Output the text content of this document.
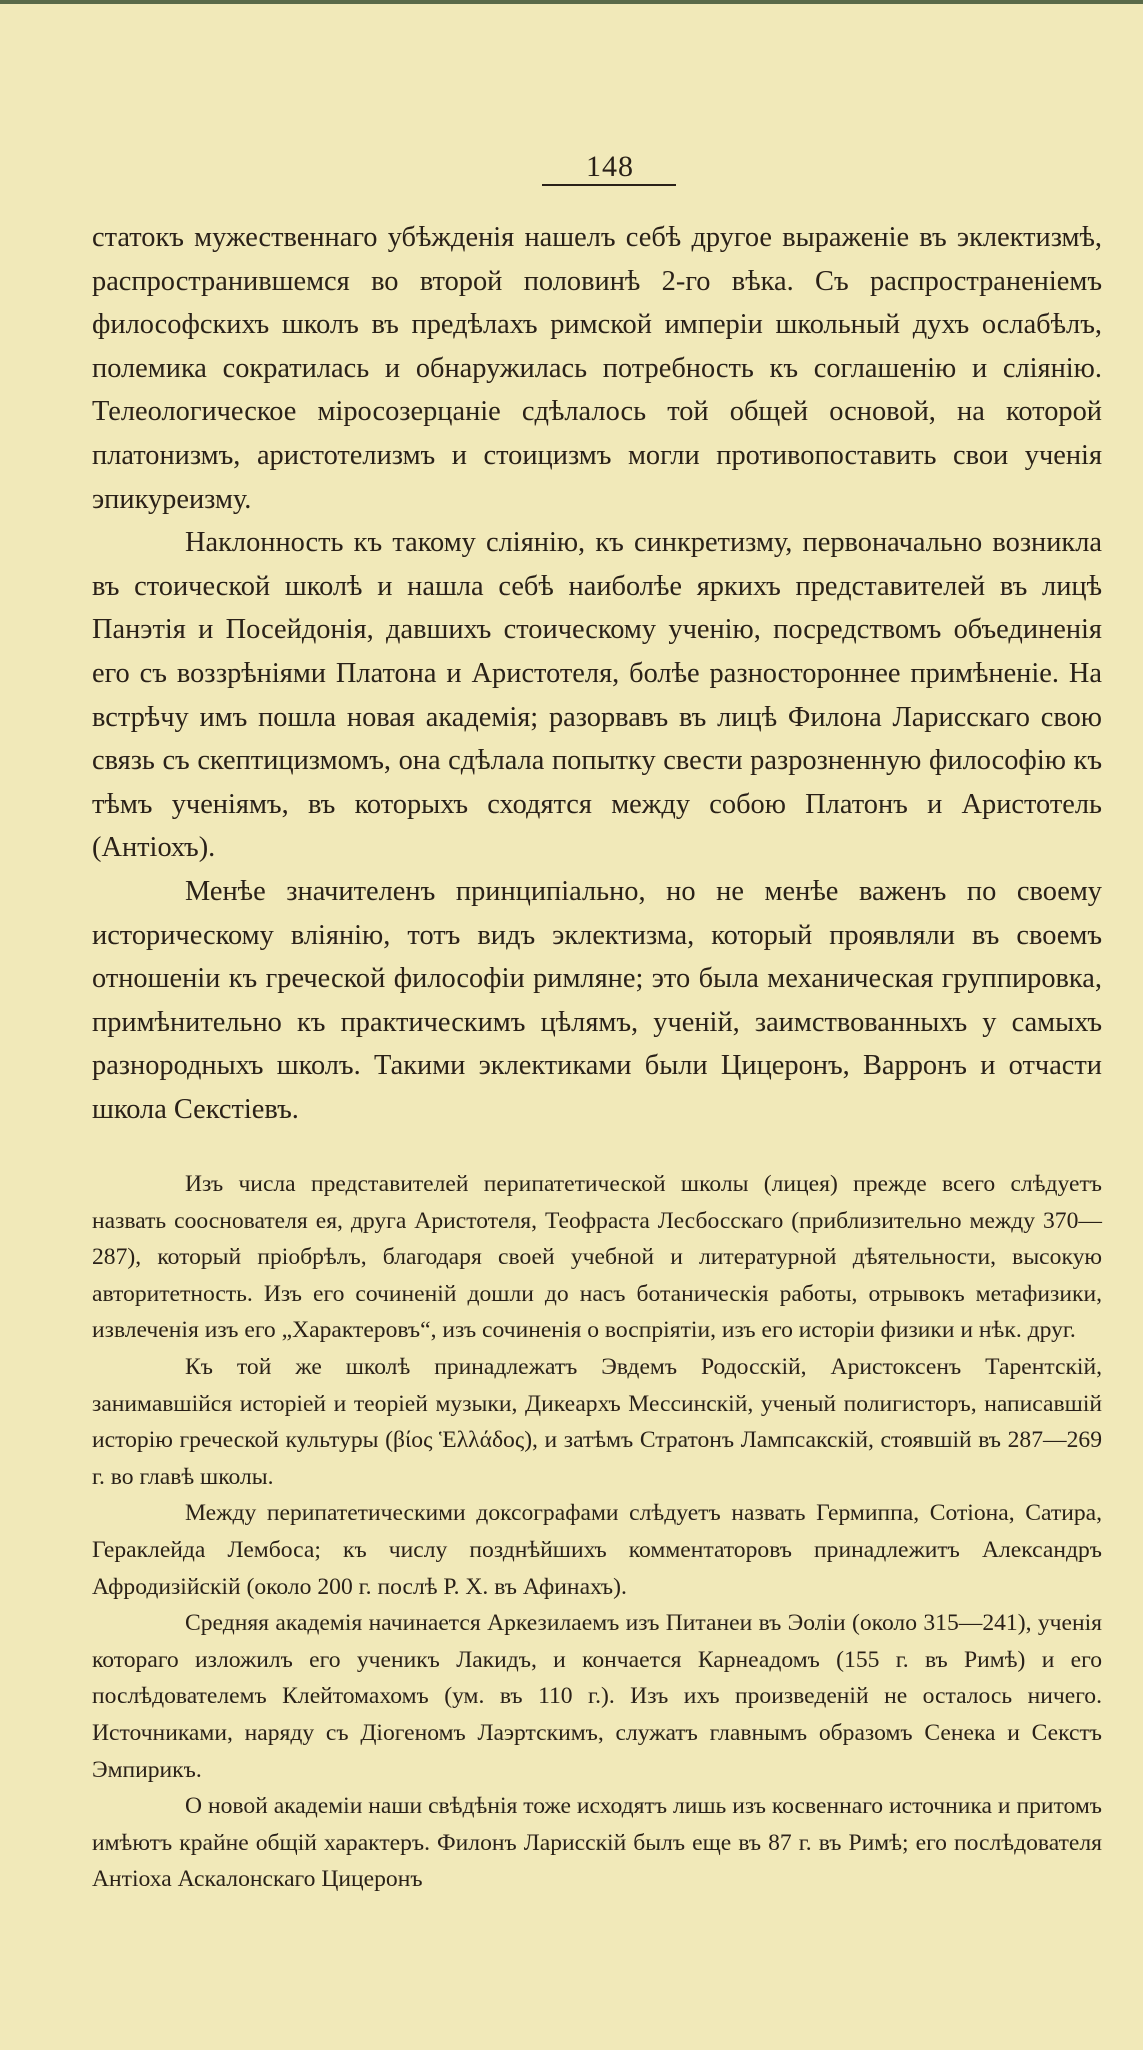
148

статокъ мужественнаго убѣжденія нашелъ себѣ другое выраженіе въ эклектизмѣ, распространившемся во второй половинѣ 2-го вѣка. Съ распространеніемъ философскихъ школъ въ предѣлахъ римской имперіи школьный духъ ослабѣлъ, полемика сократилась и обнаружилась потребность къ соглашенію и сліянію. Телеологическое міросозерцаніе сдѣлалось той общей основой, на которой платонизмъ, аристотелизмъ и стоицизмъ могли противопоставить свои ученія эпикуреизму.

Наклонность къ такому сліянію, къ синкретизму, первоначально возникла въ стоической школѣ и нашла себѣ наиболѣе яркихъ представителей въ лицѣ Панэтія и Посейдонія, давшихъ стоическому ученію, посредствомъ объединенія его съ воззрѣніями Платона и Аристотеля, болѣе разностороннее примѣненіе. На встрѣчу имъ пошла новая академія; разорвавъ въ лицѣ Филона Ларисскаго свою связь съ скептицизмомъ, она сдѣлала попытку свести разрозненную философію къ тѣмъ ученіямъ, въ которыхъ сходятся между собою Платонъ и Аристотель (Антіохъ).

Менѣе значителенъ принципіально, но не менѣе важенъ по своему историческому вліянію, тотъ видъ эклектизма, который проявляли въ своемъ отношеніи къ греческой философіи римляне; это была механическая группировка, примѣнительно къ практическимъ цѣлямъ, ученій, заимствованныхъ у самыхъ разнородныхъ школъ. Такими эклектиками были Цицеронъ, Варронъ и отчасти школа Секстіевъ.

Изъ числа представителей перипатетической школы (лицея) прежде всего слѣдуетъ назвать сооснователя ея, друга Аристотеля, Теофраста Лесбосскаго (приблизительно между 370—287), который пріобрѣлъ, благодаря своей учебной и литературной дѣятельности, высокую авторитетность. Изъ его сочиненій дошли до насъ ботаническія работы, отрывокъ метафизики, извлеченія изъ его „Характеровъ“, изъ сочиненія о воспріятіи, изъ его исторіи физики и нѣк. друг.

Къ той же школѣ принадлежатъ Эвдемъ Родосскій, Аристоксенъ Тарентскій, занимавшійся исторіей и теоріей музыки, Дикеархъ Мессинскій, ученый полигисторъ, написавшій исторію греческой культуры (βίος Ἑλλάδος), и затѣмъ Стратонъ Лампсакскій, стоявшій въ 287—269 г. во главѣ школы.

Между перипатетическими доксографами слѣдуетъ назвать Гермиппа, Сотіона, Сатира, Гераклейда Лембоса; къ числу позднѣйшихъ комментаторовъ принадлежитъ Александръ Афродизійскій (около 200 г. послѣ Р. Х. въ Афинахъ).

Средняя академія начинается Аркезилаемъ изъ Питанеи въ Эоліи (около 315—241), ученія котораго изложилъ его ученикъ Лакидъ, и кончается Карнеадомъ (155 г. въ Римѣ) и его послѣдователемъ Клейтомахомъ (ум. въ 110 г.). Изъ ихъ произведеній не осталось ничего. Источниками, наряду съ Діогеномъ Лаэртскимъ, служатъ главнымъ образомъ Сенека и Секстъ Эмпирикъ.

О новой академіи наши свѣдѣнія тоже исходятъ лишь изъ косвеннаго источника и притомъ имѣютъ крайне общій характеръ. Филонъ Ларисскій былъ еще въ 87 г. въ Римѣ; его послѣдователя Антіоха Аскалонскаго Цицеронъ
